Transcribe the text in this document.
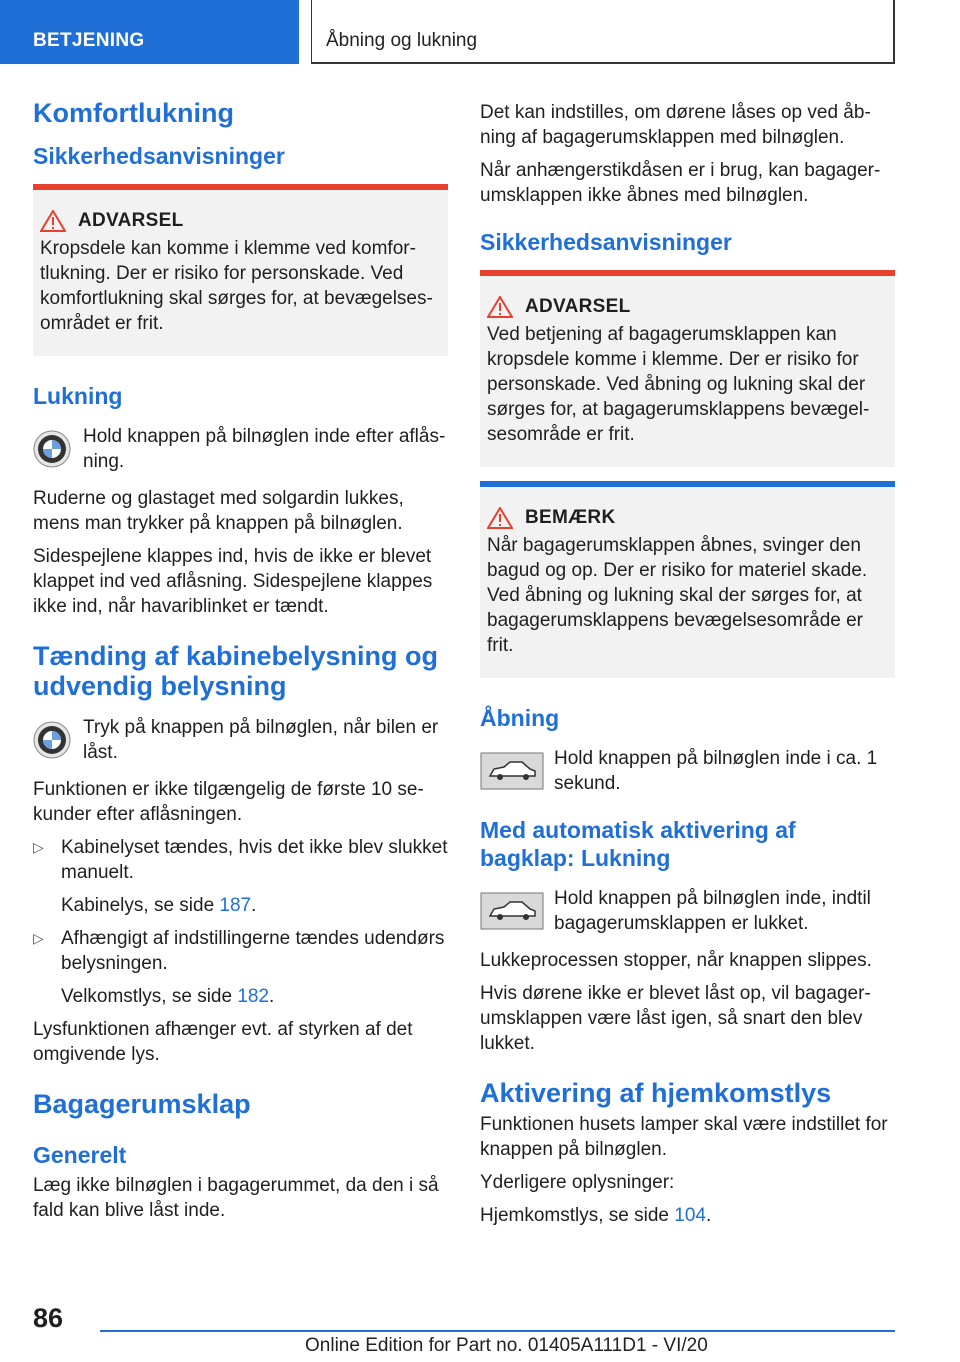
BETJENING	Åbning og lukning
Komfortlukning
Sikkerhedsanvisninger
ADVARSEL

Kropsdele kan komme i klemme ved komfortlukning. Der er risiko for personskade. Ved komfortlukning skal sørges for, at bevægelsesområdet er frit.

Lukning

Hold knappen på bilnøglen inde efter aflåsning.

Ruderne og glastaget med solgardin lukkes, mens man trykker på knappen på bilnøglen.

Sidespejlene klappes ind, hvis de ikke er blevet klappet ind ved aflåsning. Sidespejlene klappes ikke ind, når havariblinket er tændt.

Tænding af kabinebelysning og udvendig belysning

Tryk på knappen på bilnøglen, når bilen er låst.

Funktionen er ikke tilgængelig de første 10 sekunder efter aflåsningen.

▷ Kabinelyset tændes, hvis det ikke blev slukket manuelt.

Kabinelys, se side 187.

▷ Afhængigt af indstillingerne tændes udendørs belysningen.

Velkomstlys, se side 182.

Lysfunktionen afhænger evt. af styrken af det omgivende lys.

Bagagerumsklap
Generelt

Læg ikke bilnøglen i bagagerummet, da den i så fald kan blive låst inde.

Det kan indstilles, om dørene låses op ved åbning af bagagerumsklappen med bilnøglen.

Når anhængerstikdåsen er i brug, kan bagagerumsklappen ikke åbnes med bilnøglen.

Sikkerhedsanvisninger
ADVARSEL

Ved betjening af bagagerumsklappen kan kropsdele komme i klemme. Der er risiko for personskade. Ved åbning og lukning skal der sørges for, at bagagerumsklappens bevægelsesområde er frit.

BEMÆRK

Når bagagerumsklappen åbnes, svinger den bagud og op. Der er risiko for materiel skade. Ved åbning og lukning skal der sørges for, at bagagerumsklappens bevægelsesområde er frit.

Åbning

Hold knappen på bilnøglen inde i ca. 1 sekund.

Med automatisk aktivering af bagklap: Lukning

Hold knappen på bilnøglen inde, indtil bagagerumsklappen er lukket.

Lukkeprocessen stopper, når knappen slippes.

Hvis dørene ikke er blevet låst op, vil bagagerumsklappen være låst igen, så snart den blev lukket.

Aktivering af hjemkomstlys

Funktionen husets lamper skal være indstillet for knappen på bilnøglen.

Yderligere oplysninger:

Hjemkomstlys, se side 104.

86
Online Edition for Part no. 01405A111D1 - VI/20
